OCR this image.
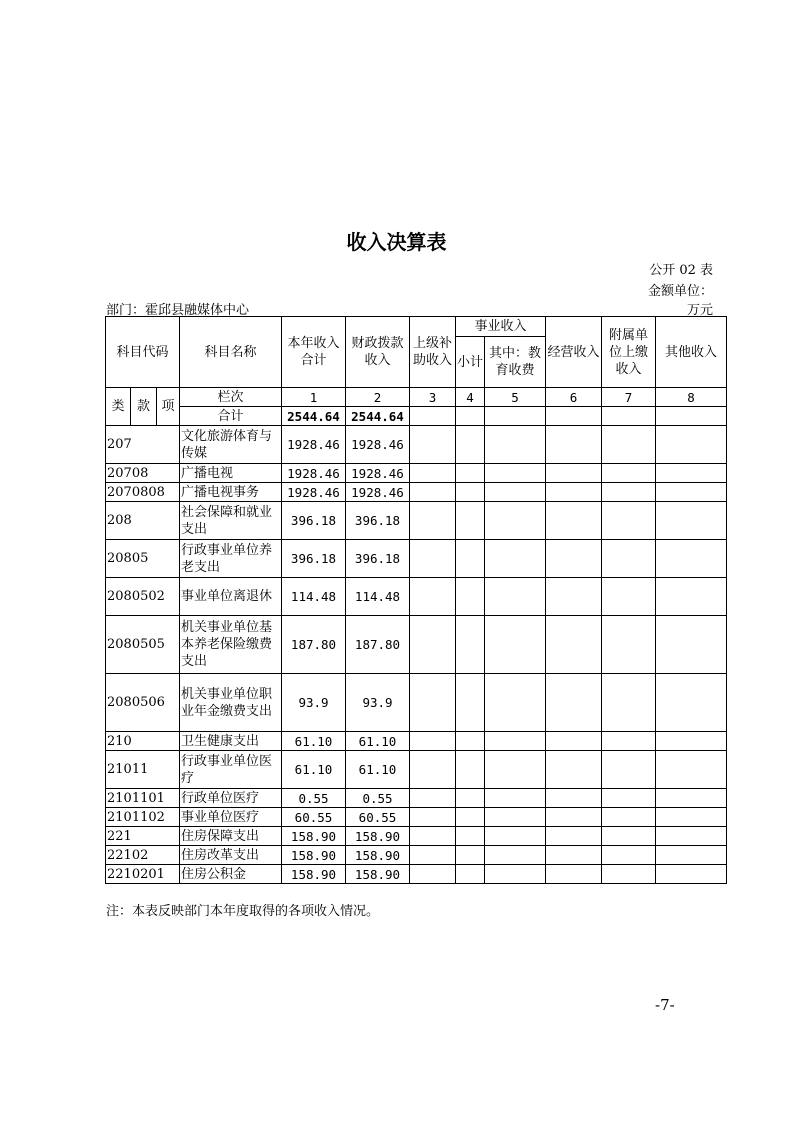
收入决算表
公开 02 表
金额单位：
万元
部门：霍邱县融媒体中心
科目代码			科目名称	本年收入合计	财政拨款收入	上级补助收入	事业收入		经营收入	附属单位上缴收入	其他收入
							小计	其中：教育收费			

类	款	项	栏次	1	2	3	4	5	6	7	8
			合计	2544.64	2544.64						
207			文化旅游体育与传媒	1928.46	1928.46						
20708			广播电视	1928.46	1928.46						
2070808			广播电视事务	1928.46	1928.46						
208			社会保障和就业支出	396.18	396.18						
20805			行政事业单位养老支出	396.18	396.18						
2080502			事业单位离退休	114.48	114.48						
2080505			机关事业单位基本养老保险缴费支出	187.80	187.80						
2080506			机关事业单位职业年金缴费支出	93.9	93.9						
210			卫生健康支出	61.10	61.10						
21011			行政事业单位医疗	61.10	61.10						
2101101			行政单位医疗	0.55	0.55						
2101102			事业单位医疗	60.55	60.55						
221			住房保障支出	158.90	158.90						
22102			住房改革支出	158.90	158.90						
2210201			住房公积金	158.90	158.90						
注：本表反映部门本年度取得的各项收入情况。
-7-
